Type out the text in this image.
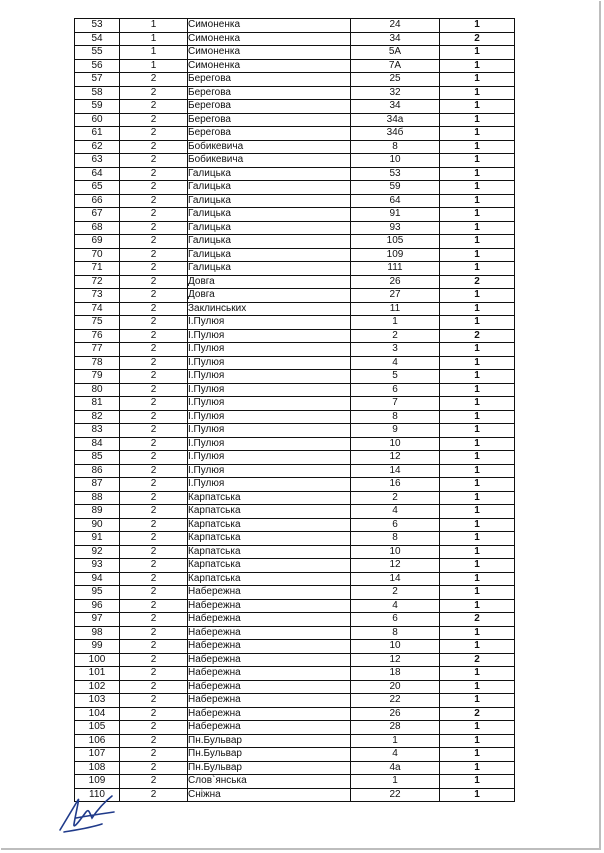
53	1	Симоненка	24	1
54	1	Симоненка	34	2
55	1	Симоненка	5А	1
56	1	Симоненка	7А	1
57	2	Берегова	25	1
58	2	Берегова	32	1
59	2	Берегова	34	1
60	2	Берегова	34а	1
61	2	Берегова	34б	1
62	2	Бобикевича	8	1
63	2	Бобикевича	10	1
64	2	Галицька	53	1
65	2	Галицька	59	1
66	2	Галицька	64	1
67	2	Галицька	91	1
68	2	Галицька	93	1
69	2	Галицька	105	1
70	2	Галицька	109	1
71	2	Галицька	111	1
72	2	Довга	26	2
73	2	Довга	27	1
74	2	Заклинських	11	1
75	2	І.Пулюя	1	1
76	2	І.Пулюя	2	2
77	2	І.Пулюя	3	1
78	2	І.Пулюя	4	1
79	2	І.Пулюя	5	1
80	2	І.Пулюя	6	1
81	2	І.Пулюя	7	1
82	2	І.Пулюя	8	1
83	2	І.Пулюя	9	1
84	2	І.Пулюя	10	1
85	2	І.Пулюя	12	1
86	2	І.Пулюя	14	1
87	2	І.Пулюя	16	1
88	2	Карпатська	2	1
89	2	Карпатська	4	1
90	2	Карпатська	6	1
91	2	Карпатська	8	1
92	2	Карпатська	10	1
93	2	Карпатська	12	1
94	2	Карпатська	14	1
95	2	Набережна	2	1
96	2	Набережна	4	1
97	2	Набережна	6	2
98	2	Набережна	8	1
99	2	Набережна	10	1
100	2	Набережна	12	2
101	2	Набережна	18	1
102	2	Набережна	20	1
103	2	Набережна	22	1
104	2	Набережна	26	2
105	2	Набережна	28	1
106	2	Пн.Бульвар	1	1
107	2	Пн.Бульвар	4	1
108	2	Пн.Бульвар	4а	1
109	2	Слов`янська	1	1
110	2	Сніжна	22	1
